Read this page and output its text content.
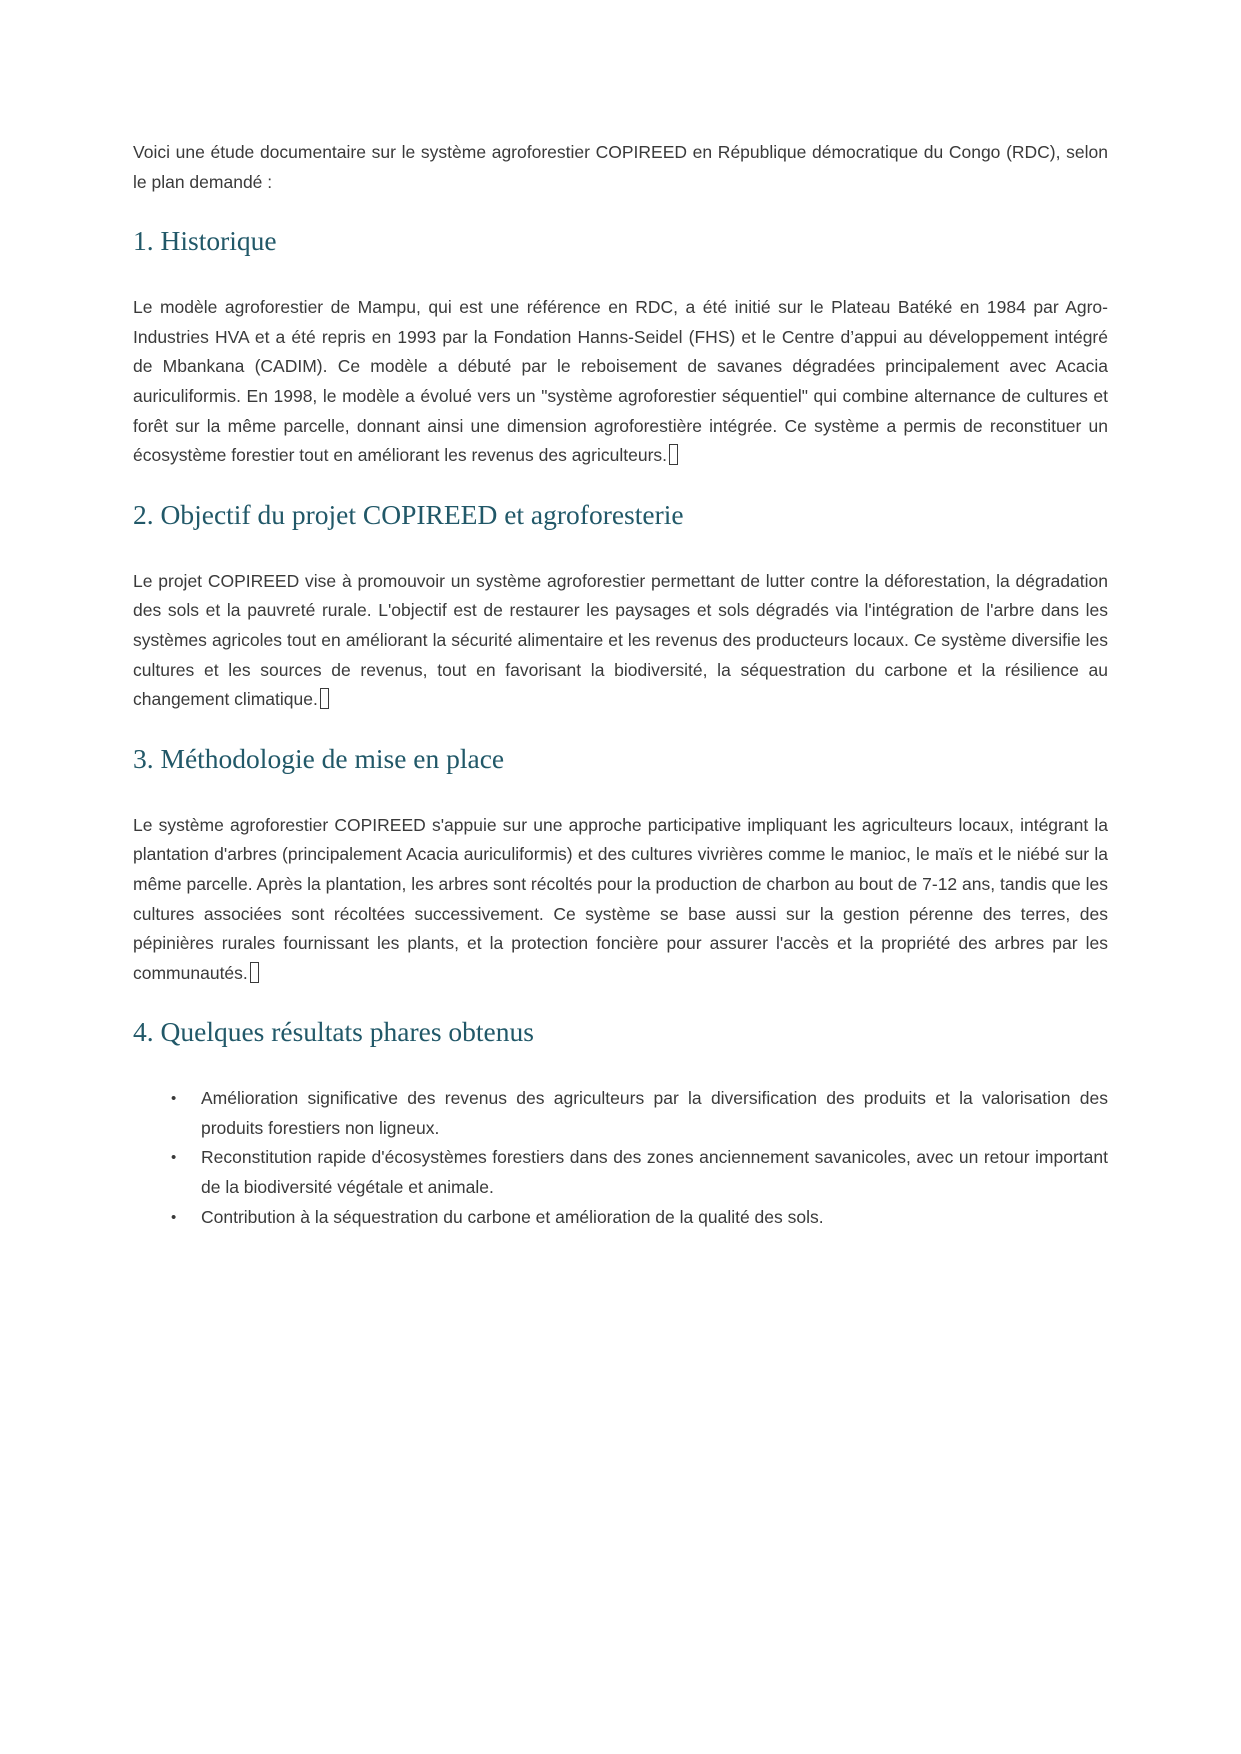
Voici une étude documentaire sur le système agroforestier COPIREED en République démocratique du Congo (RDC), selon le plan demandé :

1. Historique

Le modèle agroforestier de Mampu, qui est une référence en RDC, a été initié sur le Plateau Batéké en 1984 par Agro-Industries HVA et a été repris en 1993 par la Fondation Hanns-Seidel (FHS) et le Centre d’appui au développement intégré de Mbankana (CADIM). Ce modèle a débuté par le reboisement de savanes dégradées principalement avec Acacia auriculiformis. En 1998, le modèle a évolué vers un "système agroforestier séquentiel" qui combine alternance de cultures et forêt sur la même parcelle, donnant ainsi une dimension agroforestière intégrée. Ce système a permis de reconstituer un écosystème forestier tout en améliorant les revenus des agriculteurs.

2. Objectif du projet COPIREED et agroforesterie

Le projet COPIREED vise à promouvoir un système agroforestier permettant de lutter contre la déforestation, la dégradation des sols et la pauvreté rurale. L'objectif est de restaurer les paysages et sols dégradés via l'intégration de l'arbre dans les systèmes agricoles tout en améliorant la sécurité alimentaire et les revenus des producteurs locaux. Ce système diversifie les cultures et les sources de revenus, tout en favorisant la biodiversité, la séquestration du carbone et la résilience au changement climatique.

3. Méthodologie de mise en place

Le système agroforestier COPIREED s'appuie sur une approche participative impliquant les agriculteurs locaux, intégrant la plantation d'arbres (principalement Acacia auriculiformis) et des cultures vivrières comme le manioc, le maïs et le niébé sur la même parcelle. Après la plantation, les arbres sont récoltés pour la production de charbon au bout de 7-12 ans, tandis que les cultures associées sont récoltées successivement. Ce système se base aussi sur la gestion pérenne des terres, des pépinières rurales fournissant les plants, et la protection foncière pour assurer l'accès et la propriété des arbres par les communautés.

4. Quelques résultats phares obtenus
•	Amélioration significative des revenus des agriculteurs par la diversification des produits et la valorisation des produits forestiers non ligneux.
•	Reconstitution rapide d'écosystèmes forestiers dans des zones anciennement savanicoles, avec un retour important de la biodiversité végétale et animale.
•	Contribution à la séquestration du carbone et amélioration de la qualité des sols.
